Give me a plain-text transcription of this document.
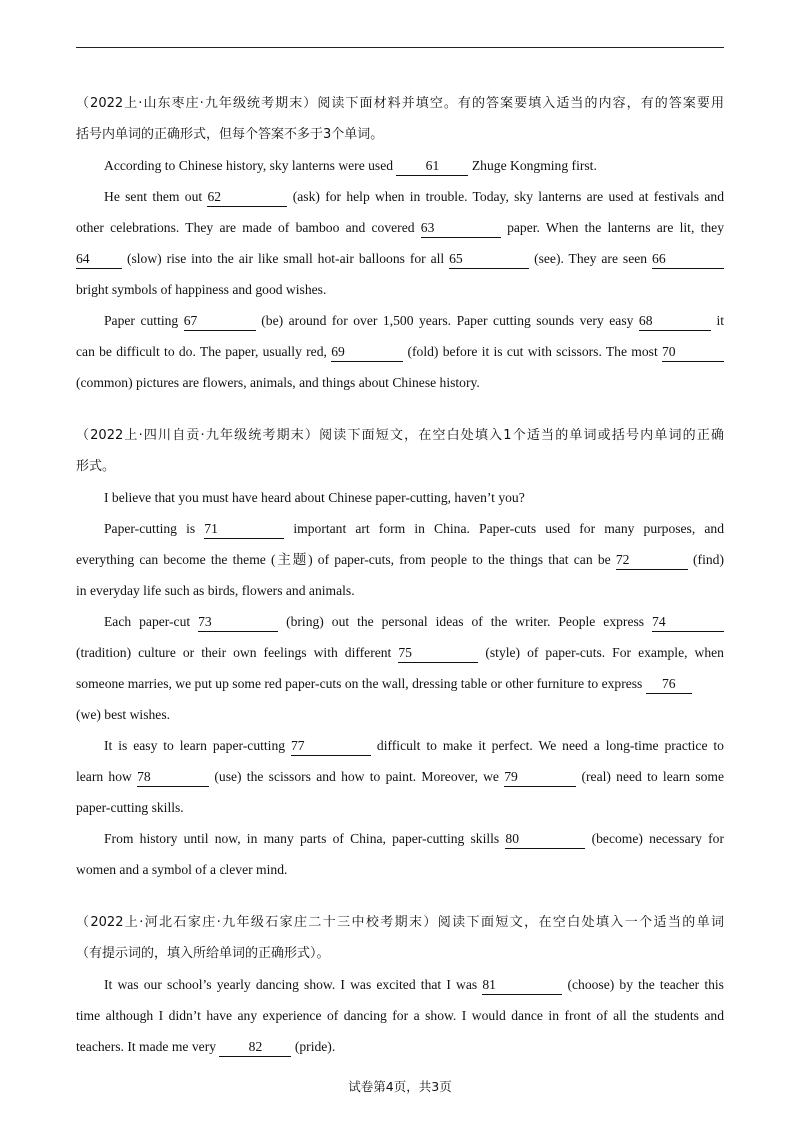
（2022上·山东枣庄·九年级统考期末）阅读下面材料并填空。有的答案要填入适当的内容，有的答案要用
括号内单词的正确形式，但每个答案不多于3个单词。
According to Chinese history, sky lanterns were used 61 Zhuge Kongming first.
He sent them out 62	(ask) for help when in trouble. Today, sky lanterns are used at festivals and
other celebrations. They are made of bamboo and covered 63	paper. When the lanterns are lit, they
64	(slow) rise into the air like small hot-air balloons for all 65	(see). They are seen 66
bright symbols of happiness and good wishes.
Paper cutting 67	(be) around for over 1,500 years. Paper cutting sounds very easy 68	it
can be difficult to do. The paper, usually red, 69	(fold) before it is cut with scissors. The most 70
(common) pictures are flowers, animals, and things about Chinese history.
（2022上·四川自贡·九年级统考期末）阅读下面短文，在空白处填入1个适当的单词或括号内单词的正确
形式。
I believe that you must have heard about Chinese paper-cutting, haven’t you?
Paper-cutting is 71	important art form in China. Paper-cuts used for many purposes, and
everything can become the theme (主题) of paper-cuts, from people to the things that can be 72	(find)
in everyday life such as birds, flowers and animals.
Each paper-cut 73	(bring) out the personal ideas of the writer. People express 74
(tradition) culture or their own feelings with different 75	(style) of paper-cuts. For example, when
someone marries, we put up some red paper-cuts on the wall, dressing table or other furniture to express 76
(we) best wishes.
It is easy to learn paper-cutting 77	difficult to make it perfect. We need a long-time practice to
learn how 78	(use) the scissors and how to paint. Moreover, we 79	(real) need to learn some
paper-cutting skills.
From history until now, in many parts of China, paper-cutting skills 80	(become) necessary for
women and a symbol of a clever mind.
（2022上·河北石家庄·九年级石家庄二十三中校考期末）阅读下面短文，在空白处填入一个适当的单词
（有提示词的，填入所给单词的正确形式）。
It was our school’s yearly dancing show. I was excited that I was 81	(choose) by the teacher this
time although I didn’t have any experience of dancing for a show. I would dance in front of all the students and
teachers. It made me very 82 (pride).
试卷第4页，共3页
